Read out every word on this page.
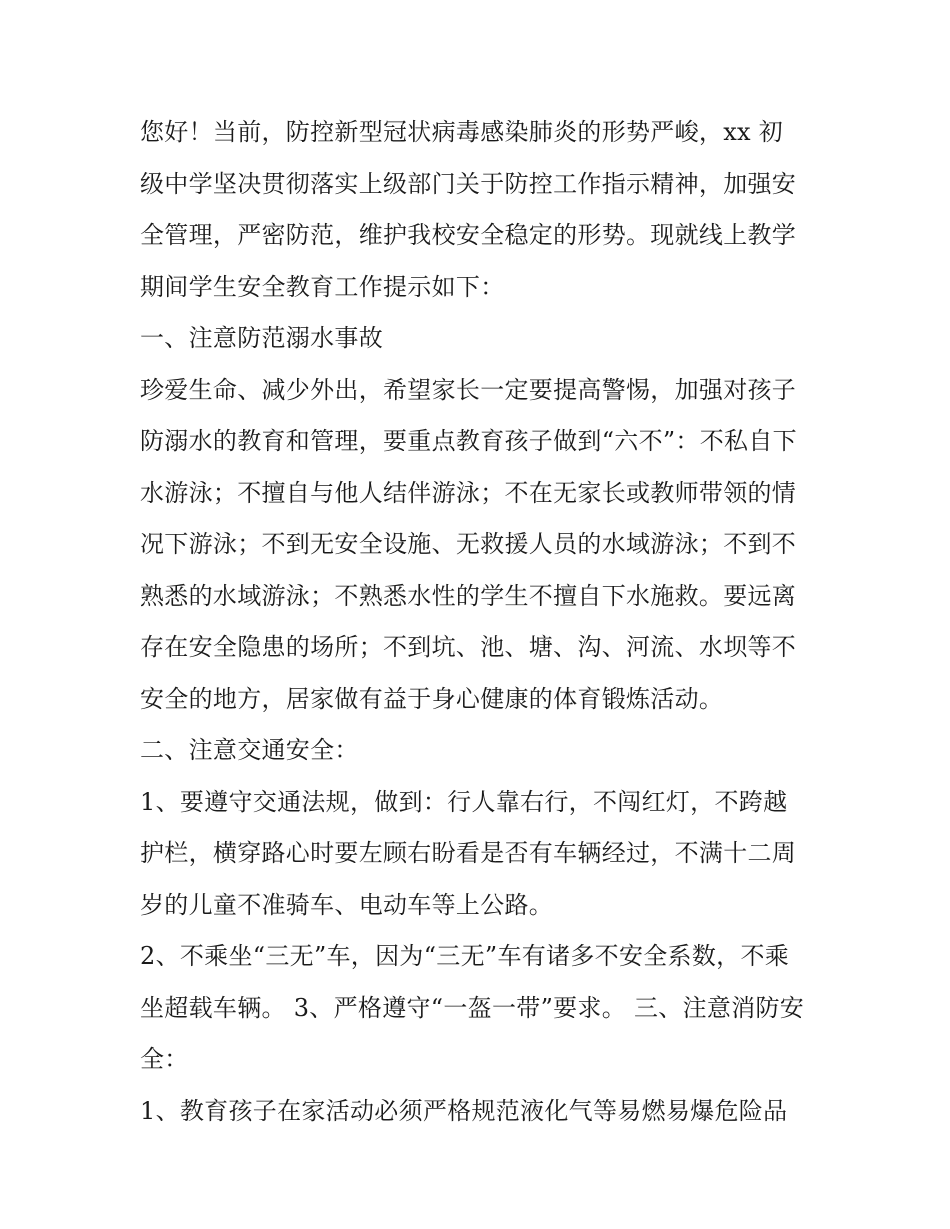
您好！当前，防控新型冠状病毒感染肺炎的形势严峻，xx 初
级中学坚决贯彻落实上级部门关于防控工作指示精神，加强安
全管理，严密防范，维护我校安全稳定的形势。现就线上教学
期间学生安全教育工作提示如下：
一、注意防范溺水事故
珍爱生命、减少外出，希望家长一定要提高警惕，加强对孩子
防溺水的教育和管理，要重点教育孩子做到“六不”：不私自下
水游泳；不擅自与他人结伴游泳；不在无家长或教师带领的情
况下游泳；不到无安全设施、无救援人员的水域游泳；不到不
熟悉的水域游泳；不熟悉水性的学生不擅自下水施救。要远离
存在安全隐患的场所；不到坑、池、塘、沟、河流、水坝等不
安全的地方，居家做有益于身心健康的体育锻炼活动。
二、注意交通安全：
1、要遵守交通法规，做到：行人靠右行，不闯红灯，不跨越
护栏，横穿路心时要左顾右盼看是否有车辆经过，不满十二周
岁的儿童不准骑车、电动车等上公路。
2、不乘坐“三无”车，因为“三无”车有诸多不安全系数，不乘
坐超载车辆。 3、严格遵守“一盔一带”要求。 三、注意消防安
全：
1、教育孩子在家活动必须严格规范液化气等易燃易爆危险品
